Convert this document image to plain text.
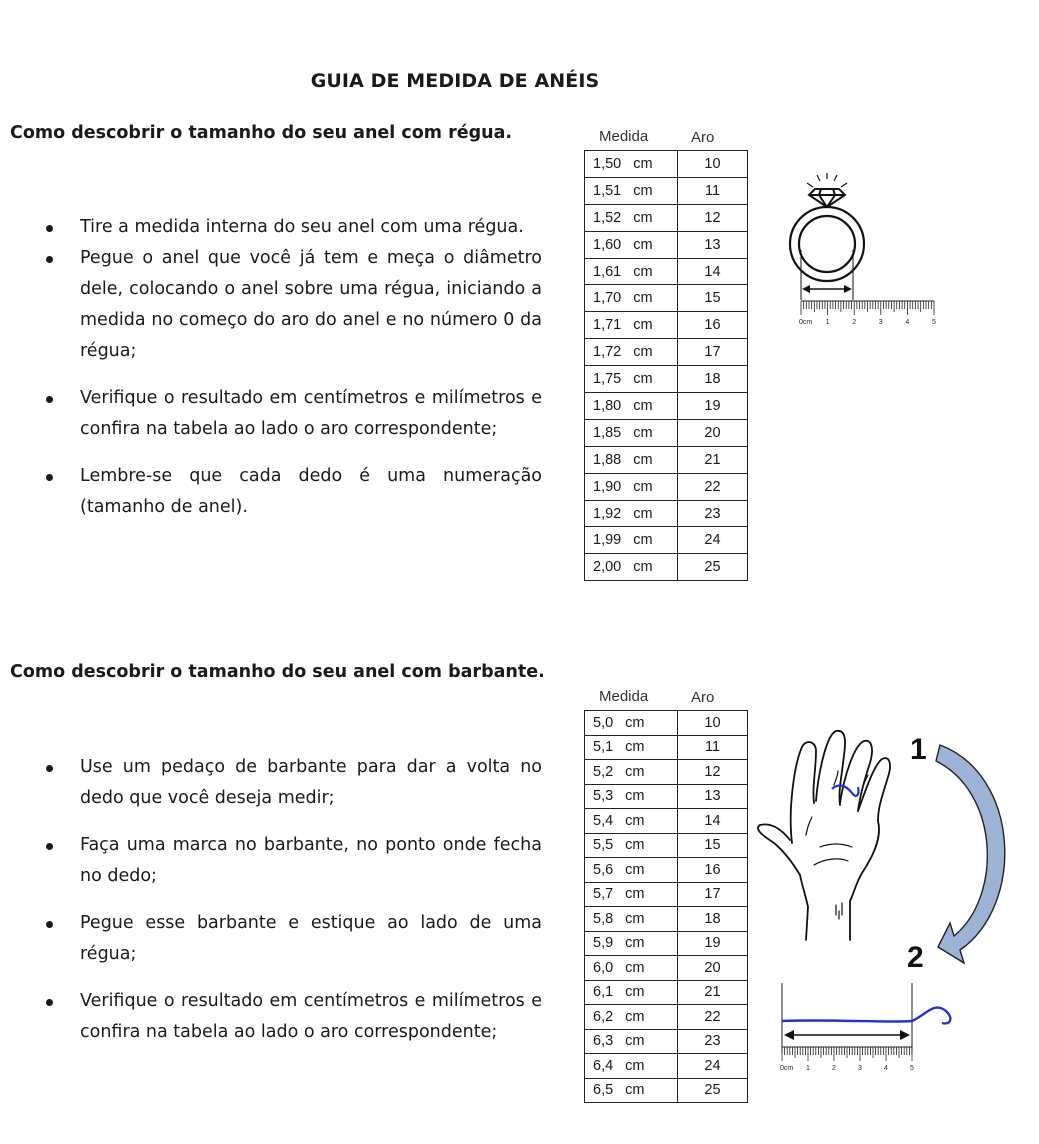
GUIA DE MEDIDA DE ANÉIS
Como descobrir o tamanho do seu anel com régua.
Tire a medida interna do seu anel com uma régua.
Pegue o anel que você já tem e meça o diâmetro dele, colocando o anel sobre uma régua, iniciando a medida no começo do aro do anel e no número 0 da régua;
Verifique o resultado em centímetros e milímetros e confira na tabela ao lado o aro correspondente;
Lembre-se que cada dedo é uma numeração (tamanho de anel).
Medida	Aro
1,50 cm	10
1,51 cm	11
1,52 cm	12
1,60 cm	13
1,61 cm	14
1,70 cm	15
1,71 cm	16
1,72 cm	17
1,75 cm	18
1,80 cm	19
1,85 cm	20
1,88 cm	21
1,90 cm	22
1,92 cm	23
1,99 cm	24
2,00 cm	25
0cm 1	2	3	4	5
Como descobrir o tamanho do seu anel com barbante.
Use um pedaço de barbante para dar a volta no dedo que você deseja medir;
Faça uma marca no barbante, no ponto onde fecha no dedo;
Pegue esse barbante e estique ao lado de uma régua;
Verifique o resultado em centímetros e milímetros e confira na tabela ao lado o aro correspondente;
Medida	Aro
5,0 cm	10
5,1 cm	11
5,2 cm	12
5,3 cm	13
5,4 cm	14
5,5 cm	15
5,6 cm	16
5,7 cm	17
5,8 cm	18
5,9 cm	19
6,0 cm	20
6,1 cm	21
6,2 cm	22
6,3 cm	23
6,4 cm	24
6,5 cm	25
1
2
0cm 1	2	3	4	5
